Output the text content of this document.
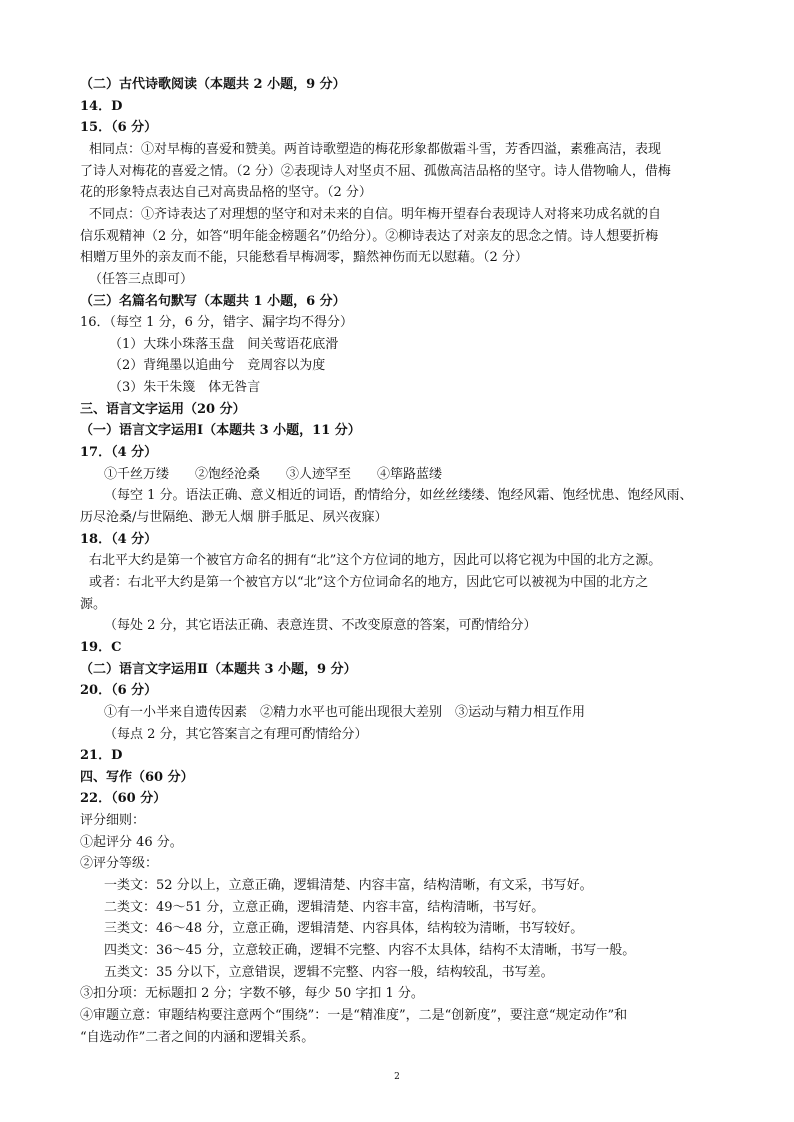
（二）古代诗歌阅读（本题共 2 小题，9 分）
14．D
15．（6 分）
相同点：①对早梅的喜爱和赞美。两首诗歌塑造的梅花形象都傲霜斗雪，芳香四溢，素雅高洁，表现
了诗人对梅花的喜爱之情。（2 分）②表现诗人对坚贞不屈、孤傲高洁品格的坚守。诗人借物喻人，借梅
花的形象特点表达自己对高贵品格的坚守。（2 分）
不同点：①齐诗表达了对理想的坚守和对未来的自信。明年梅开望春台表现诗人对将来功成名就的自
信乐观精神（2 分，如答“明年能金榜题名”仍给分）。②柳诗表达了对亲友的思念之情。诗人想要折梅
相赠万里外的亲友而不能，只能愁看早梅凋零，黯然神伤而无以慰藉。（2 分）
（任答三点即可）
（三）名篇名句默写（本题共 1 小题，6 分）
16．（每空 1 分，6 分，错字、漏字均不得分）
（1）大珠小珠落玉盘　间关莺语花底滑
（2）背绳墨以追曲兮　竞周容以为度
（3）朱干朱篾　体无咎言
三、语言文字运用（20 分）
（一）语言文字运用Ⅰ（本题共 3 小题，11 分）
17．（4 分）
①千丝万缕　　②饱经沧桑　　③人迹罕至　　④筚路蓝缕
（每空 1 分。语法正确、意义相近的词语，酌情给分，如丝丝缕缕、饱经风霜、饱经忧患、饱经风雨、
历尽沧桑/与世隔绝、渺无人烟 胼手胝足、夙兴夜寐）
18．（4 分）
右北平大约是第一个被官方命名的拥有“北”这个方位词的地方，因此可以将它视为中国的北方之源。
或者：右北平大约是第一个被官方以“北”这个方位词命名的地方，因此它可以被视为中国的北方之
源。
（每处 2 分，其它语法正确、表意连贯、不改变原意的答案，可酌情给分）
19．C
（二）语言文字运用Ⅱ（本题共 3 小题，9 分）
20．（6 分）
①有一小半来自遗传因素　②精力水平也可能出现很大差别　③运动与精力相互作用
（每点 2 分，其它答案言之有理可酌情给分）
21．D
四、写作（60 分）
22．（60 分）
评分细则：
①起评分 46 分。
②评分等级：
一类文：52 分以上，立意正确，逻辑清楚、内容丰富，结构清晰，有文采，书写好。
二类文：49～51 分，立意正确，逻辑清楚、内容丰富，结构清晰，书写好。
三类文：46～48 分，立意正确，逻辑清楚、内容具体，结构较为清晰，书写较好。
四类文：36～45 分，立意较正确，逻辑不完整、内容不太具体，结构不太清晰，书写一般。
五类文：35 分以下，立意错误，逻辑不完整、内容一般，结构较乱，书写差。
③扣分项：无标题扣 2 分；字数不够，每少 50 字扣 1 分。
④审题立意：审题结构要注意两个“围绕”：一是“精准度”，二是“创新度”，要注意“规定动作”和
“自选动作”二者之间的内涵和逻辑关系。
2
